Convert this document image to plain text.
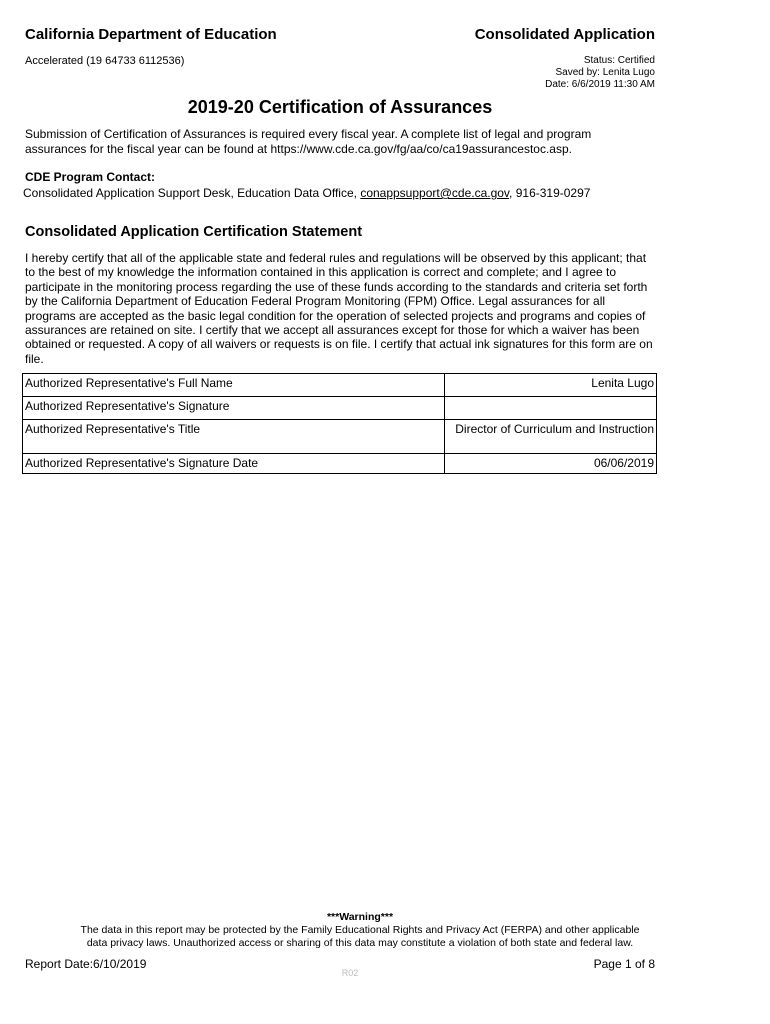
California Department of Education	Consolidated Application
Accelerated (19 64733 6112536)	Status: Certified
Saved by: Lenita Lugo
Date: 6/6/2019 11:30 AM
2019-20 Certification of Assurances
Submission of Certification of Assurances is required every fiscal year. A complete list of legal and program assurances for the fiscal year can be found at https://www.cde.ca.gov/fg/aa/co/ca19assurancestoc.asp.
CDE Program Contact:
Consolidated Application Support Desk, Education Data Office, conappsupport@cde.ca.gov, 916-319-0297
Consolidated Application Certification Statement
I hereby certify that all of the applicable state and federal rules and regulations will be observed by this applicant; that to the best of my knowledge the information contained in this application is correct and complete; and I agree to participate in the monitoring process regarding the use of these funds according to the standards and criteria set forth by the California Department of Education Federal Program Monitoring (FPM) Office. Legal assurances for all programs are accepted as the basic legal condition for the operation of selected projects and programs and copies of assurances are retained on site. I certify that we accept all assurances except for those for which a waiver has been obtained or requested. A copy of all waivers or requests is on file. I certify that actual ink signatures for this form are on file.
Authorized Representative's Full Name	Lenita Lugo
Authorized Representative's Signature	
Authorized Representative's Title	Director of Curriculum and Instruction
Authorized Representative's Signature Date	06/06/2019
***Warning***
The data in this report may be protected by the Family Educational Rights and Privacy Act (FERPA) and other applicable data privacy laws. Unauthorized access or sharing of this data may constitute a violation of both state and federal law.
Report Date:6/10/2019	Page 1 of 8
R02
